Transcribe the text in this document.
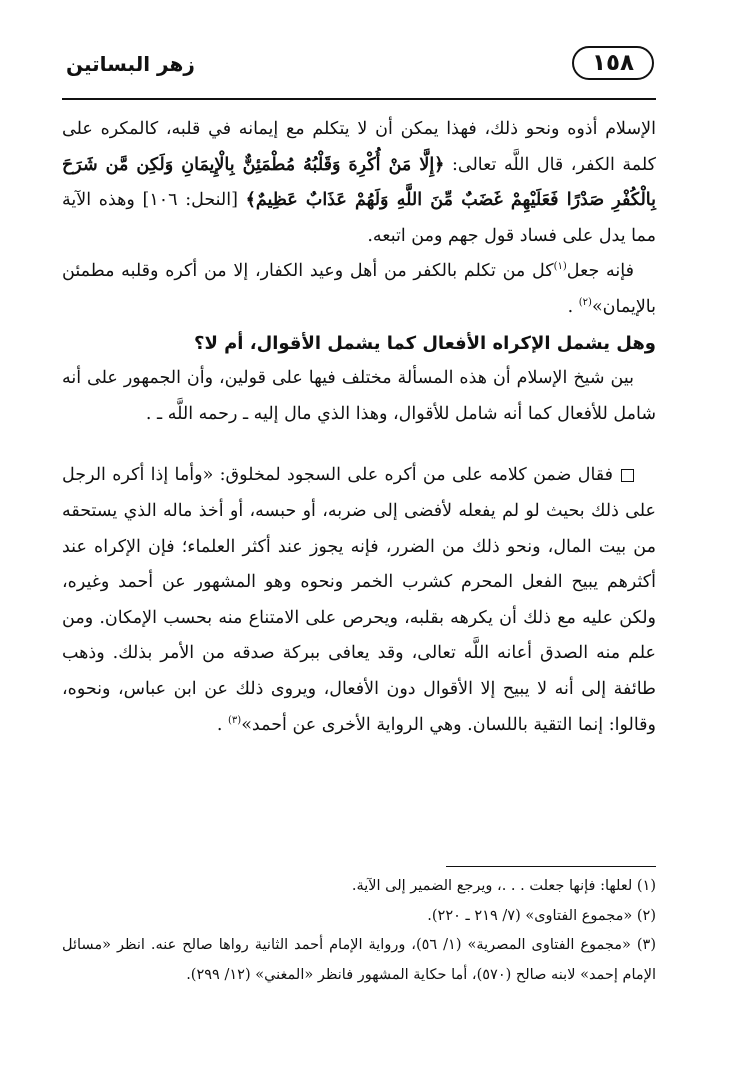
١٥٨
زهر البساتين

الإسلام أذوه ونحو ذلك، فهذا يمكن أن لا يتكلم مع إيمانه في قلبه، كالمكره على كلمة الكفر، قال اللَّه تعالى: ﴿إِلَّا مَنْ أُكْرِهَ وَقَلْبُهُ مُطْمَئِنٌّ بِالْإِيمَانِ وَلَكِن مَّن شَرَحَ بِالْكُفْرِ صَدْرًا فَعَلَيْهِمْ غَضَبٌ مِّنَ اللَّهِ وَلَهُمْ عَذَابٌ عَظِيمٌ﴾ [النحل: ١٠٦] وهذه الآية مما يدل على فساد قول جهم ومن اتبعه.

فإنه جعل$^{(١)}$كل من تكلم بالكفر من أهل وعيد الكفار، إلا من أكره وقلبه مطمئن بالإيمان»$^{(٢)}$ .

وهل يشمل الإكراه الأفعال كما يشمل الأقوال، أم لا؟

بين شيخ الإسلام أن هذه المسألة مختلف فيها على قولين، وأن الجمهور على أنه شامل للأفعال كما أنه شامل للأقوال، وهذا الذي مال إليه ـ رحمه اللَّه ـ .

فقال ضمن كلامه على من أكره على السجود لمخلوق: «وأما إذا أكره الرجل على ذلك بحيث لو لم يفعله لأفضى إلى ضربه، أو حبسه، أو أخذ ماله الذي يستحقه من بيت المال، ونحو ذلك من الضرر، فإنه يجوز عند أكثر العلماء؛ فإن الإكراه عند أكثرهم يبيح الفعل المحرم كشرب الخمر ونحوه وهو المشهور عن أحمد وغيره، ولكن عليه مع ذلك أن يكرهه بقلبه، ويحرص على الامتناع منه بحسب الإمكان. ومن علم منه الصدق أعانه اللَّه تعالى، وقد يعافى ببركة صدقه من الأمر بذلك. وذهب طائفة إلى أنه لا يبيح إلا الأقوال دون الأفعال، ويروى ذلك عن ابن عباس، ونحوه، وقالوا: إنما التقية باللسان. وهي الرواية الأخرى عن أحمد»$^{(٣)}$ .

(١) لعلها: فإنها جعلت . . .، ويرجع الضمير إلى الآية.

(٢) «مجموع الفتاوى» (٧/ ٢١٩ ـ ٢٢٠).

(٣) «مجموع الفتاوى المصرية» (١/ ٥٦)، ورواية الإمام أحمد الثانية رواها صالح عنه. انظر «مسائل الإمام إحمد» لابنه صالح (٥٧٠)، أما حكاية المشهور فانظر «المغني» (١٢/ ٢٩٩).
